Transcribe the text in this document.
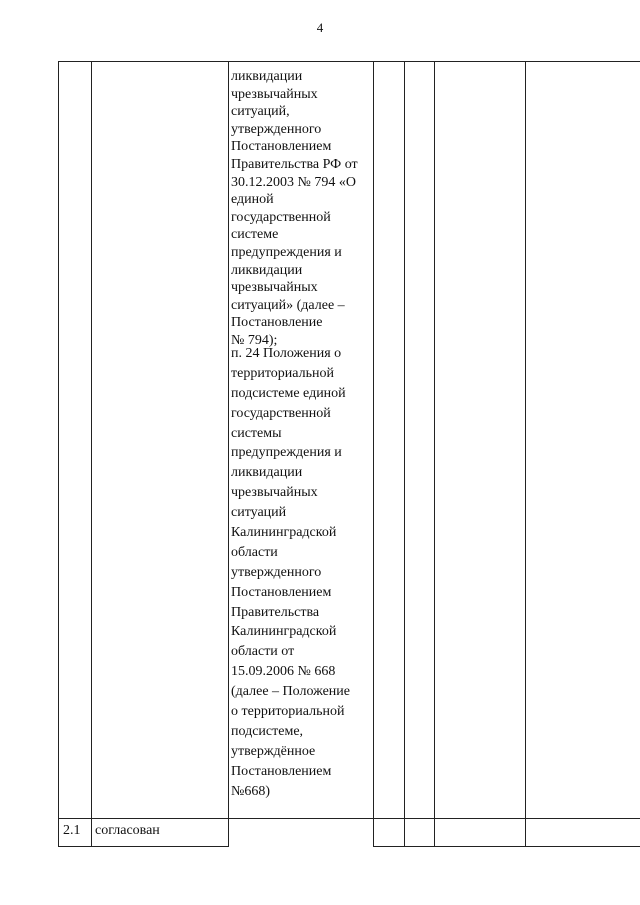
4
ликвидации
чрезвычайных
ситуаций,
утвержденного
Постановлением
Правительства РФ от
30.12.2003 № 794 «О
единой
государственной
системе
предупреждения и
ликвидации
чрезвычайных
ситуаций» (далее –
Постановление
№ 794);
п. 24 Положения о
территориальной
подсистеме единой
государственной
системы
предупреждения и
ликвидации
чрезвычайных
ситуаций
Калининградской
области
утвержденного
Постановлением
Правительства
Калининградской
области от
15.09.2006 № 668
(далее – Положение
о территориальной
подсистеме,
утверждённое
Постановлением
№668)
2.1 согласован
